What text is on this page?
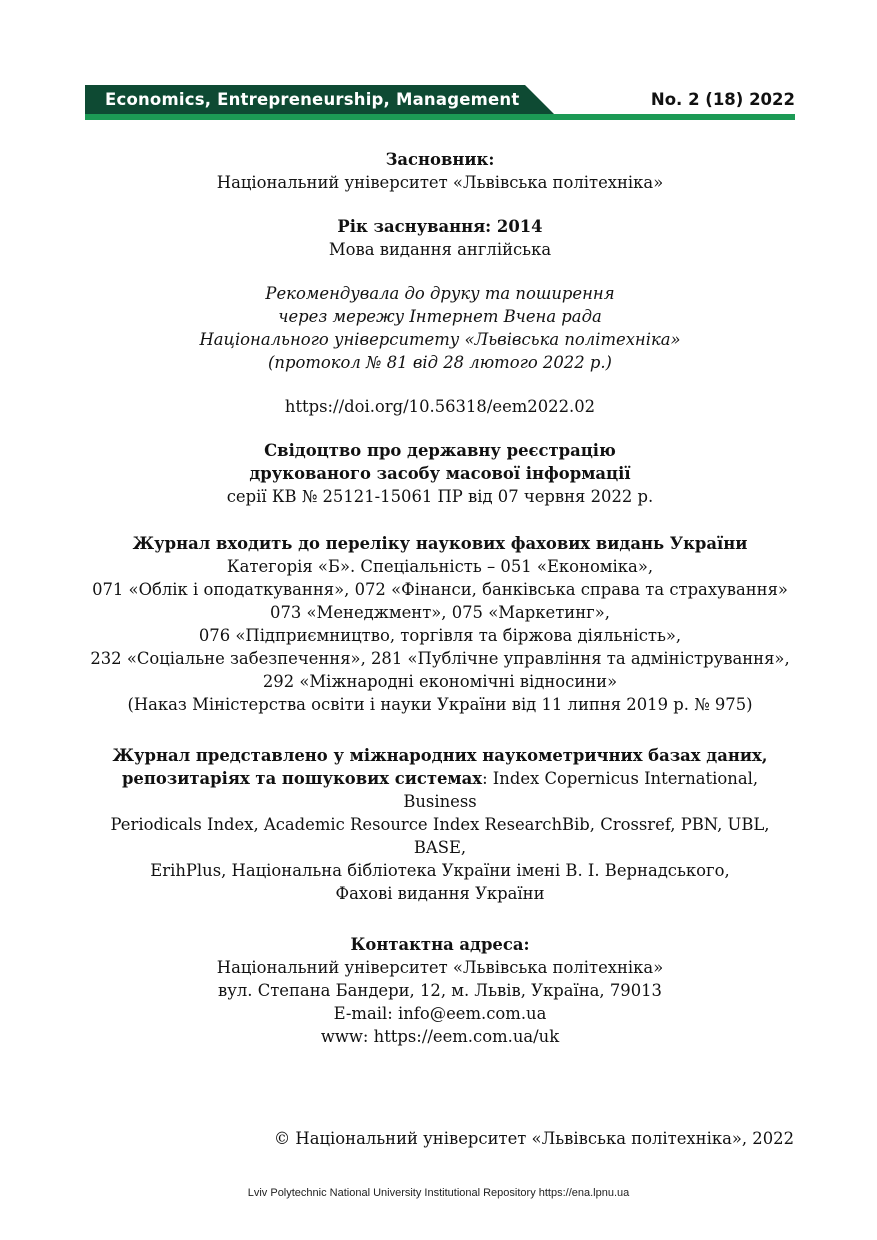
Economics, Entrepreneurship, Management	No. 2 (18) 2022
Засновник:
Національний університет «Львівська політехніка»
Рік заснування: 2014
Мова видання англійська
Рекомендувала до друку та поширення
через мережу Інтернет Вчена рада
Національного університету «Львівська політехніка»
(протокол № 81 від 28 лютого 2022 р.)
https://doi.org/10.56318/eem2022.02
Свідоцтво про державну реєстрацію
друкованого засобу масової інформації
серії КВ № 25121-15061 ПР від 07 червня 2022 р.
Журнал входить до переліку наукових фахових видань України
Категорія «Б». Спеціальність – 051 «Економіка»,
071 «Облік і оподаткування», 072 «Фінанси, банківська справа та страхування»
073 «Менеджмент», 075 «Маркетинг»,
076 «Підприємництво, торгівля та біржова діяльність»,
232 «Соціальне забезпечення», 281 «Публічне управління та адміністрування»,
292 «Міжнародні економічні відносини»
(Наказ Міністерства освіти і науки України від 11 липня 2019 р. № 975)
Журнал представлено у міжнародних наукометричних базах даних,
репозитаріях та пошукових системах: Index Copernicus International, Business
Periodicals Index, Academic Resource Index ResearchBib, Crossref, PBN, UBL, BASE,
ErihPlus, Національна бібліотека України імені В. І. Вернадського,
Фахові видання України
Контактна адреса:
Національний університет «Львівська політехніка»
вул. Степана Бандери, 12, м. Львів, Україна, 79013
E-mail: info@eem.com.ua
www: https://eem.com.ua/uk
© Національний університет «Львівська політехніка», 2022
Lviv Polytechnic National University Institutional Repository https://ena.lpnu.ua
